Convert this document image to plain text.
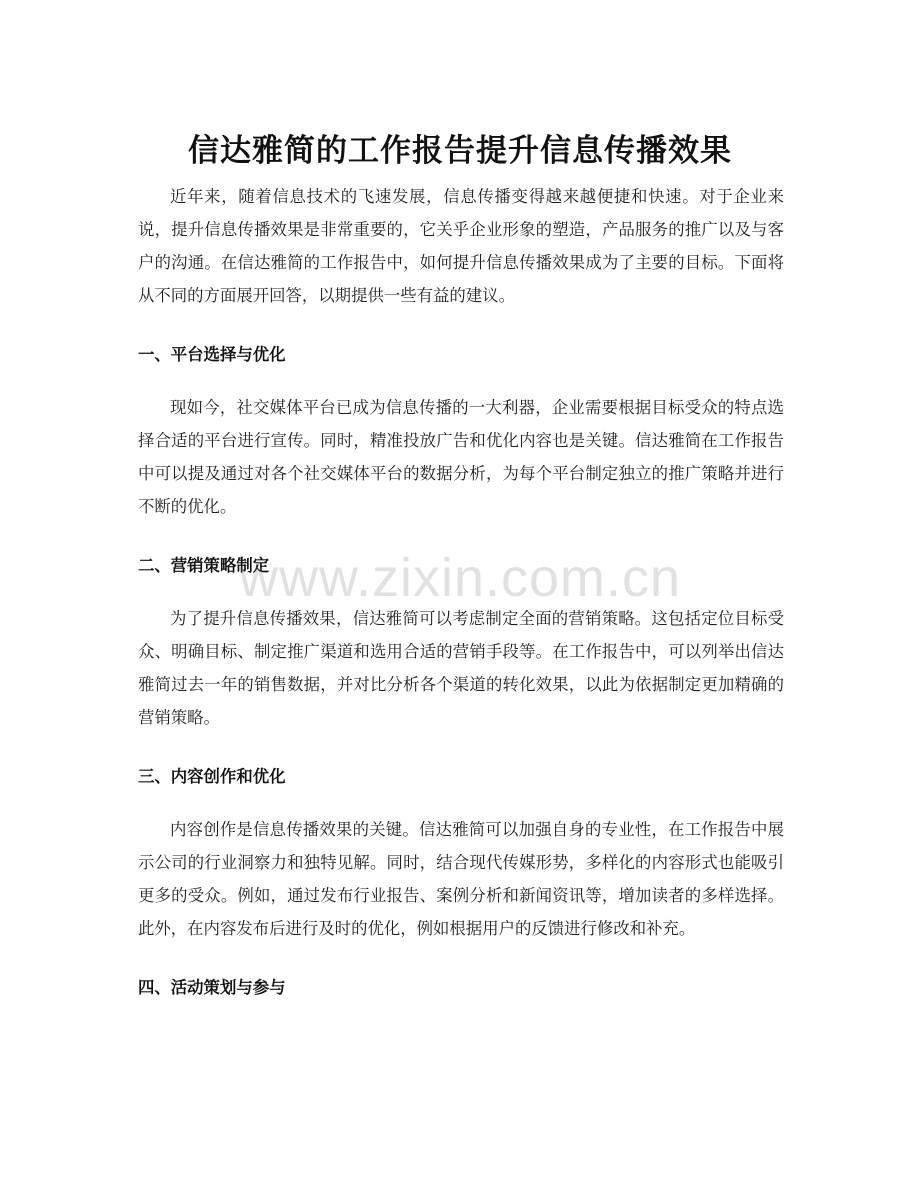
信达雅简的工作报告提升信息传播效果

近年来，随着信息技术的飞速发展，信息传播变得越来越便捷和快速。对于企业来说，提升信息传播效果是非常重要的，它关乎企业形象的塑造，产品服务的推广以及与客户的沟通。在信达雅简的工作报告中，如何提升信息传播效果成为了主要的目标。下面将从不同的方面展开回答，以期提供一些有益的建议。

一、平台选择与优化

现如今，社交媒体平台已成为信息传播的一大利器，企业需要根据目标受众的特点选择合适的平台进行宣传。同时，精准投放广告和优化内容也是关键。信达雅简在工作报告中可以提及通过对各个社交媒体平台的数据分析，为每个平台制定独立的推广策略并进行不断的优化。

二、营销策略制定

为了提升信息传播效果，信达雅简可以考虑制定全面的营销策略。这包括定位目标受众、明确目标、制定推广渠道和选用合适的营销手段等。在工作报告中，可以列举出信达雅简过去一年的销售数据，并对比分析各个渠道的转化效果，以此为依据制定更加精确的营销策略。

三、内容创作和优化

内容创作是信息传播效果的关键。信达雅简可以加强自身的专业性，在工作报告中展示公司的行业洞察力和独特见解。同时，结合现代传媒形势，多样化的内容形式也能吸引更多的受众。例如，通过发布行业报告、案例分析和新闻资讯等，增加读者的多样选择。此外，在内容发布后进行及时的优化，例如根据用户的反馈进行修改和补充。

四、活动策划与参与
www.zixin.com.cn
